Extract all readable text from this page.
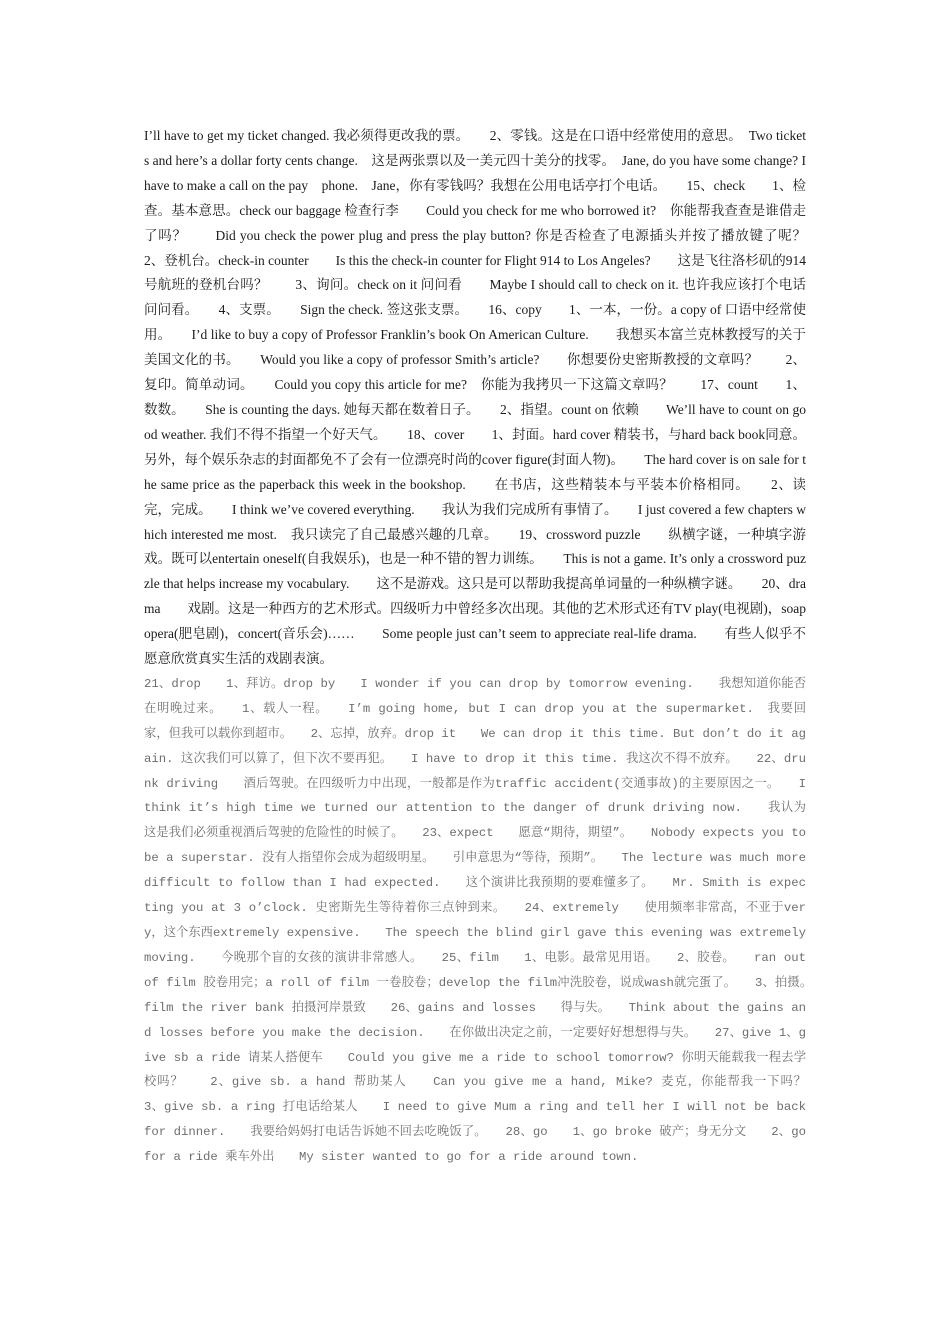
I’ll have to get my ticket changed. 我必须得更改我的票。　　2、零钱。这是在口语中经常使用的意思。　Two tickets and here’s a dollar forty cents change.　这是两张票以及一美元四十美分的找零。　Jane, do you have some change? I have to make a call on the pay　phone.　Jane，你有零钱吗？我想在公用电话亭打个电话。　　15、check　　1、检查。基本意思。check our baggage 检查行李　　Could you check for me who borrowed it?　你能帮我查查是谁借走了吗？　　Did you check the power plug and press the play button? 你是否检查了电源插头并按了播放键了呢？　　2、登机台。check-in counter　　Is this the check-in counter for Flight 914 to Los Angeles?　　这是飞往洛杉矶的914号航班的登机台吗？　　3、询问。check on it 问问看　　Maybe I should call to check on it. 也许我应该打个电话问问看。　　4、支票。　　Sign the check. 签这张支票。　　16、copy　　1、一本，一份。a copy of 口语中经常使用。　　I’d like to buy a copy of Professor Franklin’s book On American Culture.　　我想买本富兰克林教授写的关于美国文化的书。　　Would you like a copy of professor Smith’s article?　　你想要份史密斯教授的文章吗？　　2、复印。简单动词。　　Could you copy this article for me?　你能为我拷贝一下这篇文章吗？　　17、count　　1、数数。　　She is counting the days. 她每天都在数着日子。　　2、指望。count on 依赖　　We’ll have to count on good weather. 我们不得不指望一个好天气。　　18、cover　　1、封面。hard cover 精装书，与hard back book同意。另外，每个娱乐杂志的封面都免不了会有一位漂亮时尚的cover figure(封面人物)。　　The hard cover is on sale for the same price as the paperback this week in the bookshop.　　在书店，这些精装本与平装本价格相同。　　2、读完，完成。　　I think we’ve covered everything.　　我认为我们完成所有事情了。　　I just covered a few chapters which interested me most.　我只读完了自己最感兴趣的几章。　　19、crossword puzzle　　纵横字谜，一种填字游戏。既可以entertain oneself(自我娱乐)，也是一种不错的智力训练。　　This is not a game. It’s only a crossword puzzle that helps increase my vocabulary.　　这不是游戏。这只是可以帮助我提高单词量的一种纵横字谜。　　20、drama　　戏剧。这是一种西方的艺术形式。四级听力中曾经多次出现。其他的艺术形式还有TV play(电视剧)，soap opera(肥皂剧)，concert(音乐会)……　　Some people just can’t seem to appreciate real-life drama.　　有些人似乎不愿意欣赏真实生活的戏剧表演。

21、drop　　1、拜访。drop by　　I wonder if you can drop by tomorrow evening.　　我想知道你能否在明晚过来。　　1、载人一程。　　I’m going home, but I can drop you at the supermarket.　我要回家，但我可以载你到超市。　　2、忘掉，放弃。drop it　　We can drop it this time. But don’t do it again. 这次我们可以算了，但下次不要再犯。　　I have to drop it this time. 我这次不得不放弃。　　22、drunk driving　　酒后驾驶。在四级听力中出现，一般都是作为traffic accident(交通事故)的主要原因之一。　　I think it’s high time we turned our attention to the danger of drunk driving now.　　我认为这是我们必须重视酒后驾驶的危险性的时候了。　　23、expect　　愿意“期待，期望”。　　Nobody expects you to be a superstar. 没有人指望你会成为超级明星。　　引申意思为“等待，预期”。　　The lecture was much more difficult to follow than I had expected.　　这个演讲比我预期的要难懂多了。　　Mr. Smith is expecting you at 3 o’clock. 史密斯先生等待着你三点钟到来。　　24、extremely　　使用频率非常高，不亚于very，这个东西extremely expensive.　　The speech the blind girl gave this evening was extremely moving.　　今晚那个盲的女孩的演讲非常感人。　　25、film　　1、电影。最常见用语。　　2、胶卷。　　ran out of film 胶卷用完；a roll of film 一卷胶卷；develop the film冲洗胶卷，说成wash就完蛋了。　　3、拍摄。　　film the river bank 拍摄河岸景致　　26、gains and losses　　得与失。　　Think about the gains and losses before you make the decision.　　在你做出决定之前，一定要好好想想得与失。　　27、give 1、give sb a ride 请某人搭便车　　Could you give me a ride to school tomorrow? 你明天能载我一程去学校吗？　　2、give sb. a hand 帮助某人　　Can you give me a hand, Mike? 麦克，你能帮我一下吗？　　3、give sb. a ring 打电话给某人　　I need to give Mum a ring and tell her I will not be back for dinner.　　我要给妈妈打电话告诉她不回去吃晚饭了。　　28、go　　1、go broke 破产；身无分文　　2、go for a ride 乘车外出　　My sister wanted to go for a ride around town.
